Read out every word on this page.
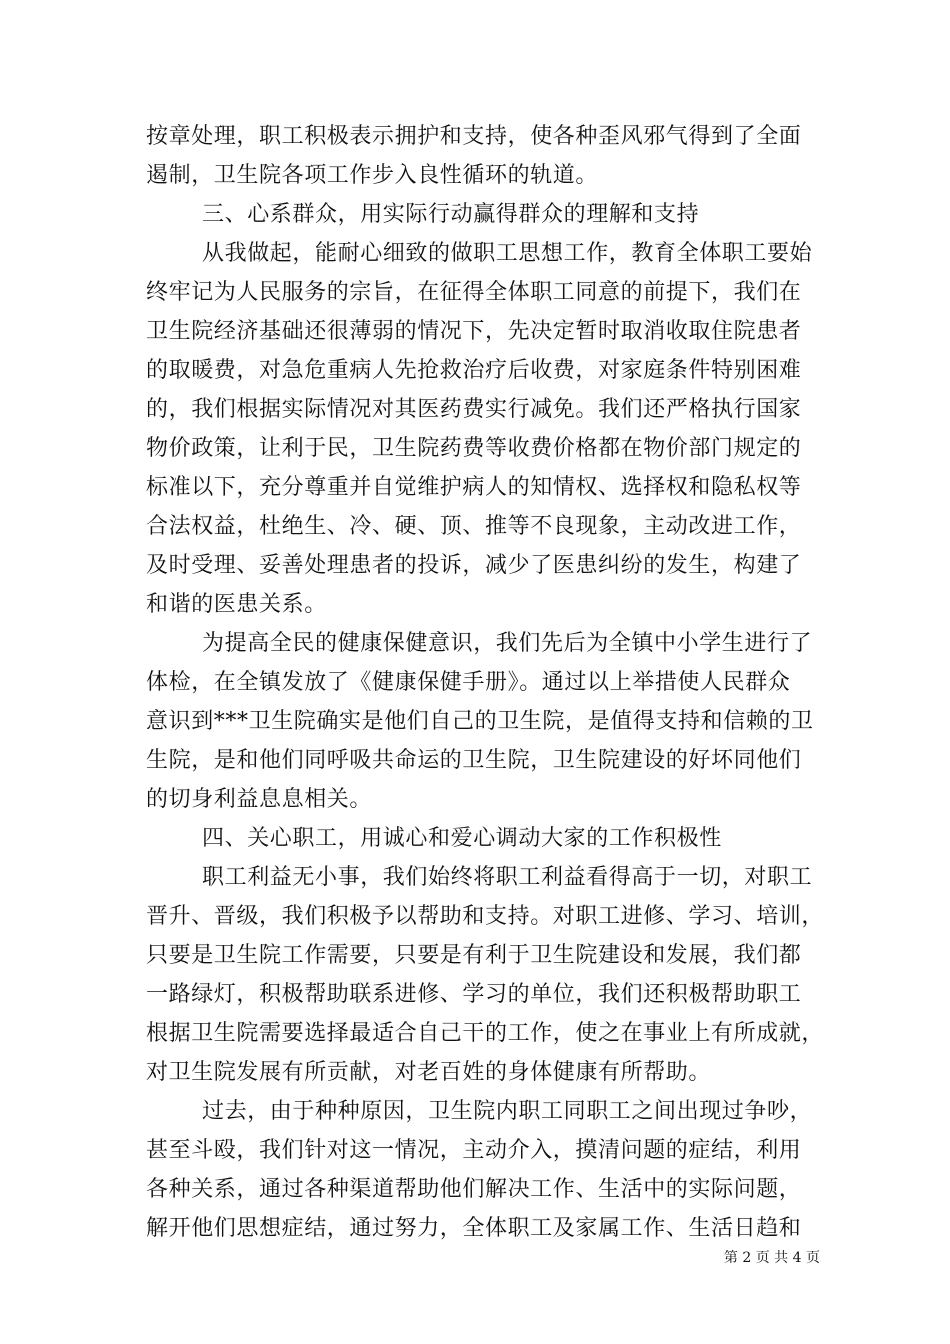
按章处理，职工积极表示拥护和支持，使各种歪风邪气得到了全面
遏制，卫生院各项工作步入良性循环的轨道。
三、心系群众，用实际行动赢得群众的理解和支持
从我做起，能耐心细致的做职工思想工作，教育全体职工要始
终牢记为人民服务的宗旨，在征得全体职工同意的前提下，我们在
卫生院经济基础还很薄弱的情况下，先决定暂时取消收取住院患者
的取暖费，对急危重病人先抢救治疗后收费，对家庭条件特别困难
的，我们根据实际情况对其医药费实行减免。我们还严格执行国家
物价政策，让利于民，卫生院药费等收费价格都在物价部门规定的
标准以下，充分尊重并自觉维护病人的知情权、选择权和隐私权等
合法权益，杜绝生、冷、硬、顶、推等不良现象，主动改进工作，
及时受理、妥善处理患者的投诉，减少了医患纠纷的发生，构建了
和谐的医患关系。
为提高全民的健康保健意识，我们先后为全镇中小学生进行了
体检，在全镇发放了《健康保健手册》。通过以上举措使人民群众
意识到***卫生院确实是他们自己的卫生院，是值得支持和信赖的卫
生院，是和他们同呼吸共命运的卫生院，卫生院建设的好坏同他们
的切身利益息息相关。
四、关心职工，用诚心和爱心调动大家的工作积极性
职工利益无小事，我们始终将职工利益看得高于一切，对职工
晋升、晋级，我们积极予以帮助和支持。对职工进修、学习、培训，
只要是卫生院工作需要，只要是有利于卫生院建设和发展，我们都
一路绿灯，积极帮助联系进修、学习的单位，我们还积极帮助职工
根据卫生院需要选择最适合自己干的工作，使之在事业上有所成就，
对卫生院发展有所贡献，对老百姓的身体健康有所帮助。
过去，由于种种原因，卫生院内职工同职工之间出现过争吵，
甚至斗殴，我们针对这一情况，主动介入，摸清问题的症结，利用
各种关系，通过各种渠道帮助他们解决工作、生活中的实际问题，
解开他们思想症结，通过努力，全体职工及家属工作、生活日趋和
第 2 页 共 4 页
